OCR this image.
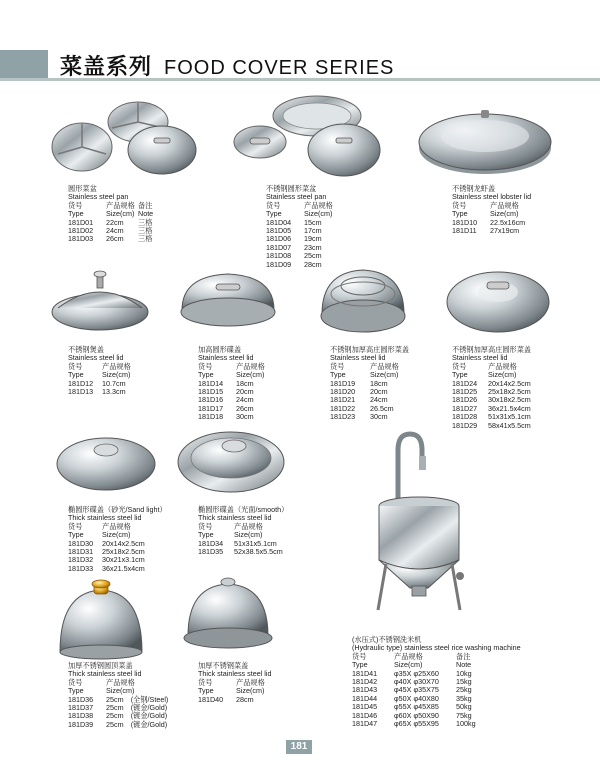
菜盖系列 FOOD COVER SERIES
圆形菜盆
Stainless steel pan
货号	产品规格 备注
Type	Size(cm) Note
181D01 22cm 三格
181D02 24cm 三格
181D03 26cm 三格
不锈钢圆形菜盆
Stainless steel pan
货号	产品规格
Type	Size(cm)
181D04 15cm
181D05 17cm
181D06 19cm
181D07 23cm
181D08 25cm
181D09 28cm
不锈钢龙虾盖
Stainless steel lobster lid
货号	产品规格
Type	Size(cm)
181D10 22.5x16cm
181D11 27x19cm
不锈钢煲盖
Stainless steel lid
货号	产品规格
Type	Size(cm)
181D12 10.7cm
181D13 13.3cm
加高圆形碟盖
Stainless steel lid
货号	产品规格
Type	Size(cm)
181D14 18cm
181D15 20cm
181D16 24cm
181D17 26cm
181D18 30cm
不锈钢加厚高庄圆形菜盖
Stainless steel lid
货号	产品规格
Type	Size(cm)
181D19 18cm
181D20 20cm
181D21 24cm
181D22 26.5cm
181D23 30cm
不锈钢加厚高庄圆形菜盖
Stainless steel lid
货号	产品规格
Type	Size(cm)
181D24 20x14x2.5cm
181D25 25x18x2.5cm
181D26 30x18x2.5cm
181D27 36x21.5x4cm
181D28 51x31x5.1cm
181D29 58x41x5.5cm
椭圆形碟盖（砂光/Sand light）
Thick stainless steel lid
货号	产品规格
Type	Size(cm)
181D30 20x14x2.5cm
181D31 25x18x2.5cm
181D32 30x21x3.1cm
181D33 36x21.5x4cm
椭圆形碟盖（光面/smooth）
Thick stainless steel lid
货号	产品规格
Type	Size(cm)
181D34 51x31x5.1cm
181D35 52x38.5x5.5cm
加厚不锈钢圆顶菜盖
Thick stainless steel lid
货号	产品规格
Type	Size(cm)
181D36 25cm　(全钢/Steel)
181D37 25cm　(镀金/Gold)
181D38 25cm　(镀金/Gold)
181D39 25cm　(镀金/Gold)
加厚不锈钢菜盖
Thick stainless steel lid
货号	产品规格
Type	Size(cm)
181D40 28cm
(水压式)不锈钢洗米机
(Hydraulic type) stainless steel rice washing machine
货号	产品规格	备注
Type	Size(cm)	Note
181D41 φ35X φ25X60 10kg
181D42 φ40X φ30X70 15kg
181D43 φ45X φ35X75 25kg
181D44 φ50X φ40X80 35kg
181D45 φ55X φ45X85 50kg
181D46 φ60X φ50X90 75kg
181D47 φ65X φ55X95 100kg
181
